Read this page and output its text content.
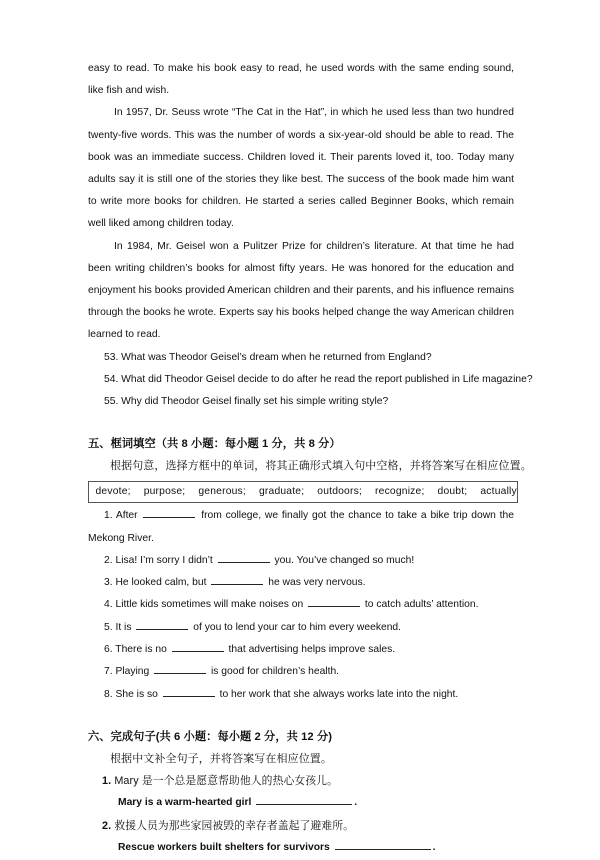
easy to read. To make his book easy to read, he used words with the same ending sound, like fish and wish.

In 1957, Dr. Seuss wrote “The Cat in the Hat”, in which he used less than two hundred twenty-five words. This was the number of words a six-year-old should be able to read. The book was an immediate success. Children loved it. Their parents loved it, too. Today many adults say it is still one of the stories they like best. The success of the book made him want to write more books for children. He started a series called Beginner Books, which remain well liked among children today.

In 1984, Mr. Geisel won a Pulitzer Prize for children’s literature. At that time he had been writing children’s books for almost fifty years. He was honored for the education and enjoyment his books provided American children and their parents, and his influence remains through the books he wrote. Experts say his books helped change the way American children learned to read.

53. What was Theodor Geisel’s dream when he returned from England?

54. What did Theodor Geisel decide to do after he read the report published in Life magazine?

55. Why did Theodor Geisel finally set his simple writing style?

五、框词填空（共 8 小题：每小题 1 分，共 8 分）

根据句意，选择方框中的单词，将其正确形式填入句中空格，并将答案写在相应位置。

devote; purpose; generous; graduate; outdoors; recognize; doubt; actually

1. After	from college, we finally got the chance to take a bike trip down the Mekong River.

2. Lisa! I’m sorry I didn’t	you. You’ve changed so much!

3. He looked calm, but	he was very nervous.

4. Little kids sometimes will make noises on	to catch adults’ attention.

5. It is	of you to lend your car to him every weekend.

6. There is no	that advertising helps improve sales.

7. Playing	is good for children’s health.

8. She is so	to her work that she always works late into the night.

六、完成句子(共 6 小题：每小题 2 分，共 12 分)

根据中文补全句子，并将答案写在相应位置。

1. Mary 是一个总是愿意帮助他人的热心女孩儿。

Mary is a warm-hearted girl	.

2. 救援人员为那些家园被毁的幸存者盖起了避难所。

Rescue workers built shelters for survivors	.
